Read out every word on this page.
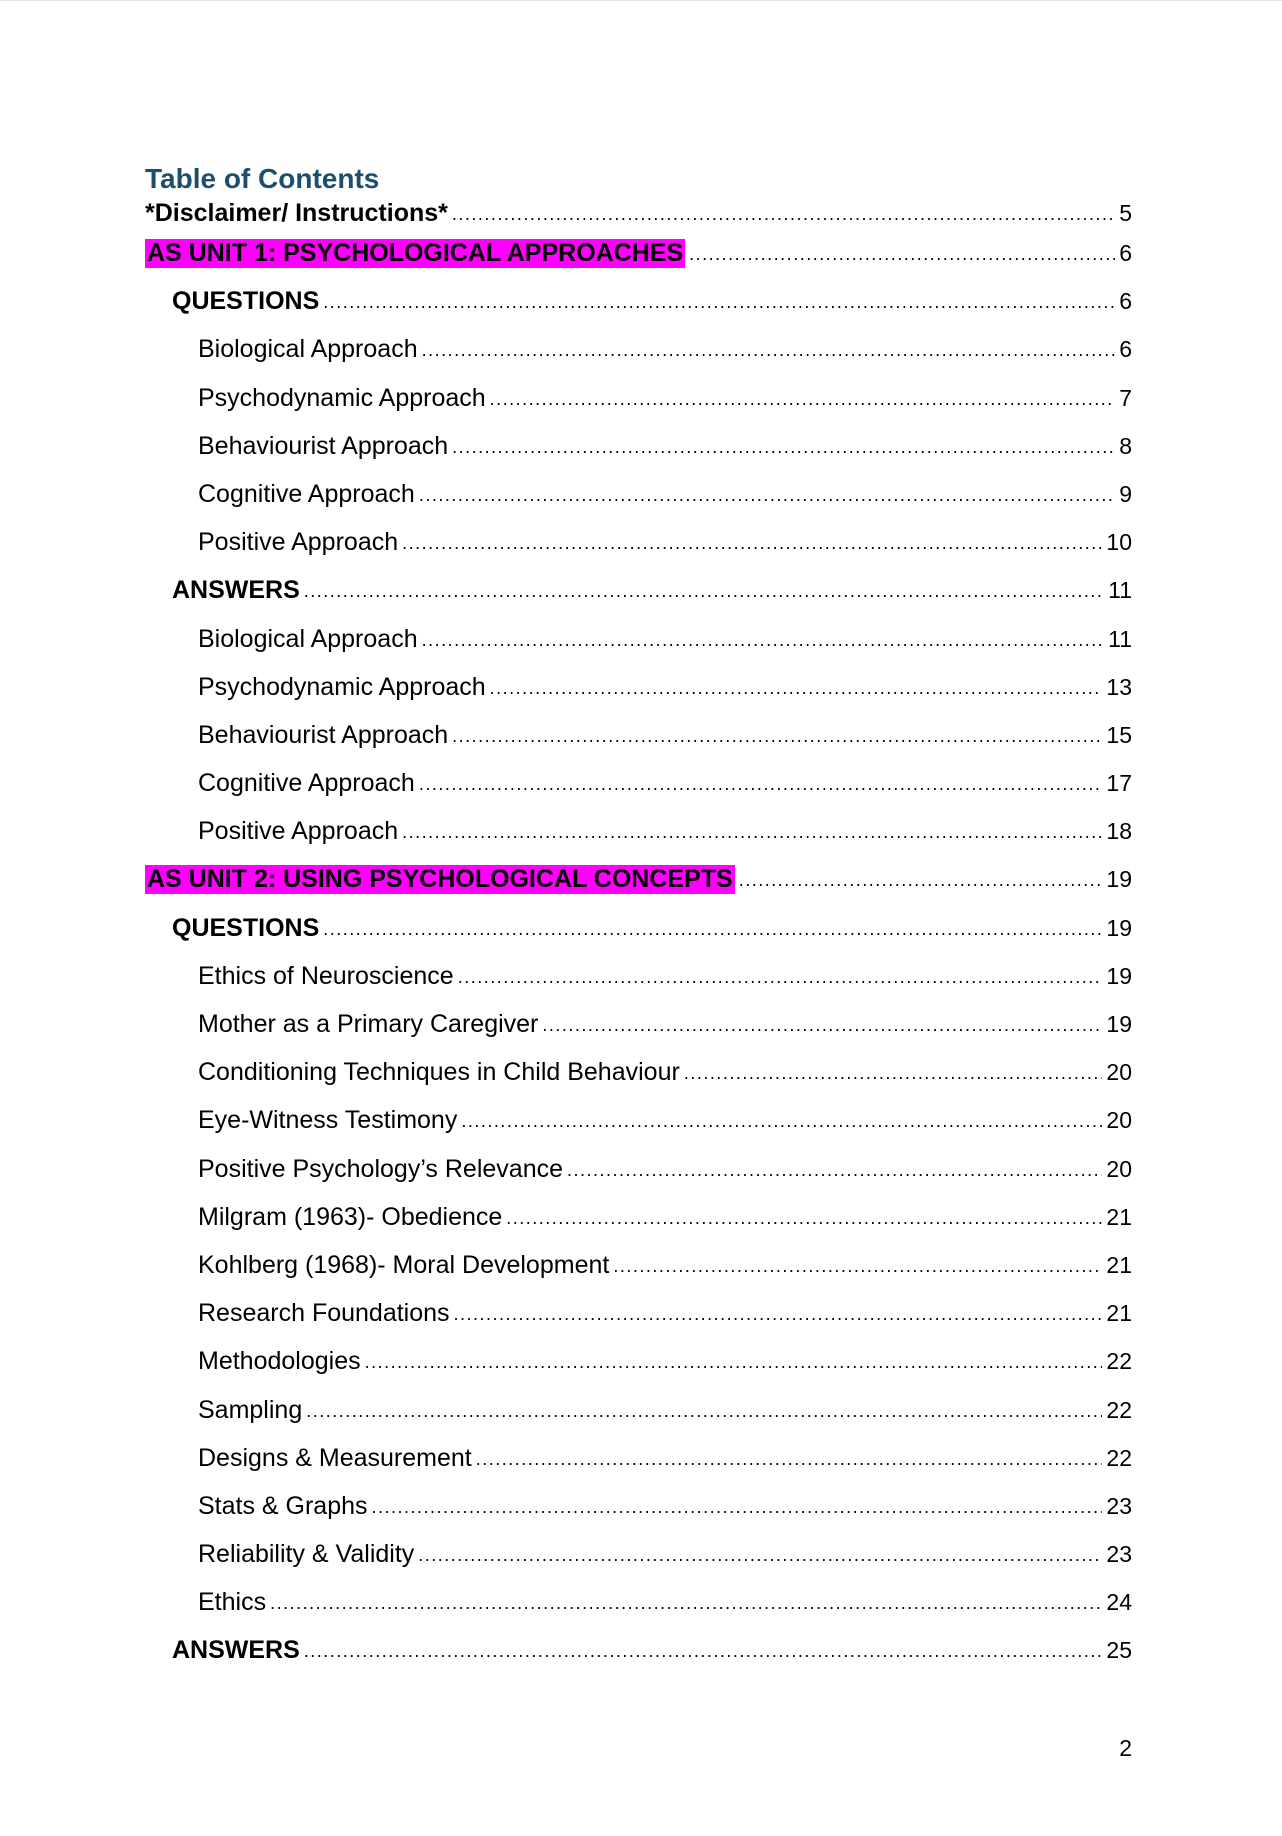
Table of Contents
*Disclaimer/ Instructions* .....	5
AS UNIT 1: PSYCHOLOGICAL APPROACHES .....	6
QUESTIONS .....	6
Biological Approach .....	6
Psychodynamic Approach .....	7
Behaviourist Approach .....	8
Cognitive Approach .....	9
Positive Approach .....	10
ANSWERS .....	11
Biological Approach .....	11
Psychodynamic Approach .....	13
Behaviourist Approach .....	15
Cognitive Approach .....	17
Positive Approach .....	18
AS UNIT 2: USING PSYCHOLOGICAL CONCEPTS .....	19
QUESTIONS .....	19
Ethics of Neuroscience .....	19
Mother as a Primary Caregiver .....	19
Conditioning Techniques in Child Behaviour .....	20
Eye-Witness Testimony .....	20
Positive Psychology’s Relevance .....	20
Milgram (1963)- Obedience .....	21
Kohlberg (1968)- Moral Development .....	21
Research Foundations .....	21
Methodologies .....	22
Sampling .....	22
Designs & Measurement .....	22
Stats & Graphs .....	23
Reliability & Validity .....	23
Ethics .....	24
ANSWERS .....	25
2
